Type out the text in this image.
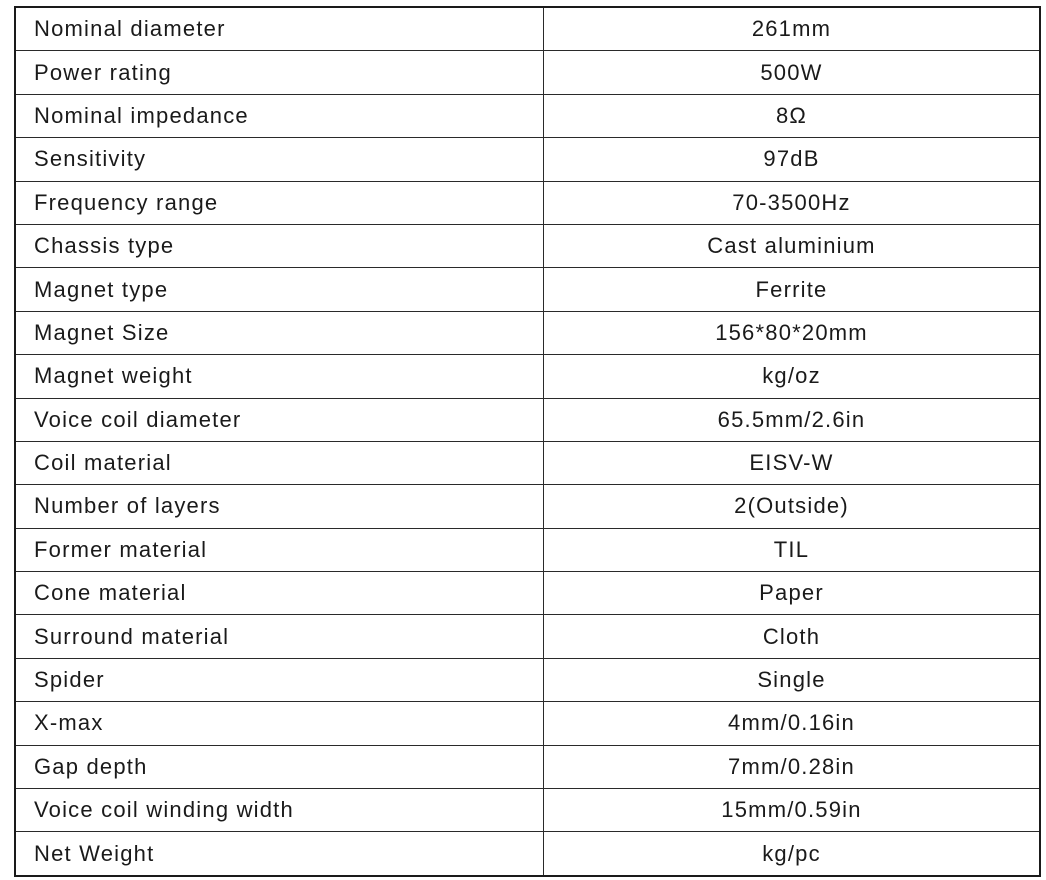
Nominal diameter	261mm
Power rating	500W
Nominal impedance	8Ω
Sensitivity	97dB
Frequency range	70-3500Hz
Chassis type	Cast aluminium
Magnet type	Ferrite
Magnet Size	156*80*20mm
Magnet weight	kg/oz
Voice coil diameter	65.5mm/2.6in
Coil material	EISV-W
Number of layers	2(Outside)
Former material	TIL
Cone material	Paper
Surround material	Cloth
Spider	Single
X-max	4mm/0.16in
Gap depth	7mm/0.28in
Voice coil winding width	15mm/0.59in
Net Weight	kg/pc
